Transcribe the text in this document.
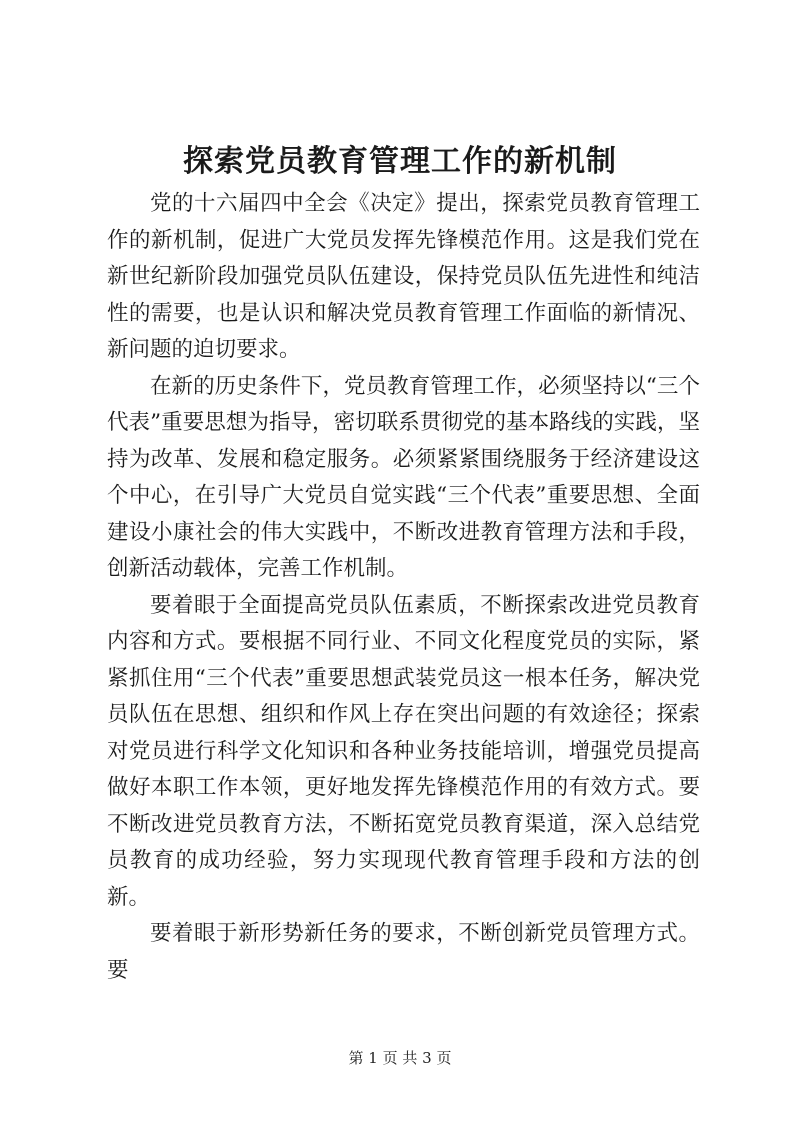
探索党员教育管理工作的新机制

党的十六届四中全会《决定》提出，探索党员教育管理工作的新机制，促进广大党员发挥先锋模范作用。这是我们党在新世纪新阶段加强党员队伍建设，保持党员队伍先进性和纯洁性的需要，也是认识和解决党员教育管理工作面临的新情况、新问题的迫切要求。

在新的历史条件下，党员教育管理工作，必须坚持以“三个代表”重要思想为指导，密切联系贯彻党的基本路线的实践，坚持为改革、发展和稳定服务。必须紧紧围绕服务于经济建设这个中心，在引导广大党员自觉实践“三个代表”重要思想、全面建设小康社会的伟大实践中，不断改进教育管理方法和手段，创新活动载体，完善工作机制。

要着眼于全面提高党员队伍素质，不断探索改进党员教育内容和方式。要根据不同行业、不同文化程度党员的实际，紧紧抓住用“三个代表”重要思想武装党员这一根本任务，解决党员队伍在思想、组织和作风上存在突出问题的有效途径；探索对党员进行科学文化知识和各种业务技能培训，增强党员提高做好本职工作本领，更好地发挥先锋模范作用的有效方式。要不断改进党员教育方法，不断拓宽党员教育渠道，深入总结党员教育的成功经验，努力实现现代教育管理手段和方法的创新。

要着眼于新形势新任务的要求，不断创新党员管理方式。要

第 1 页 共 3 页
